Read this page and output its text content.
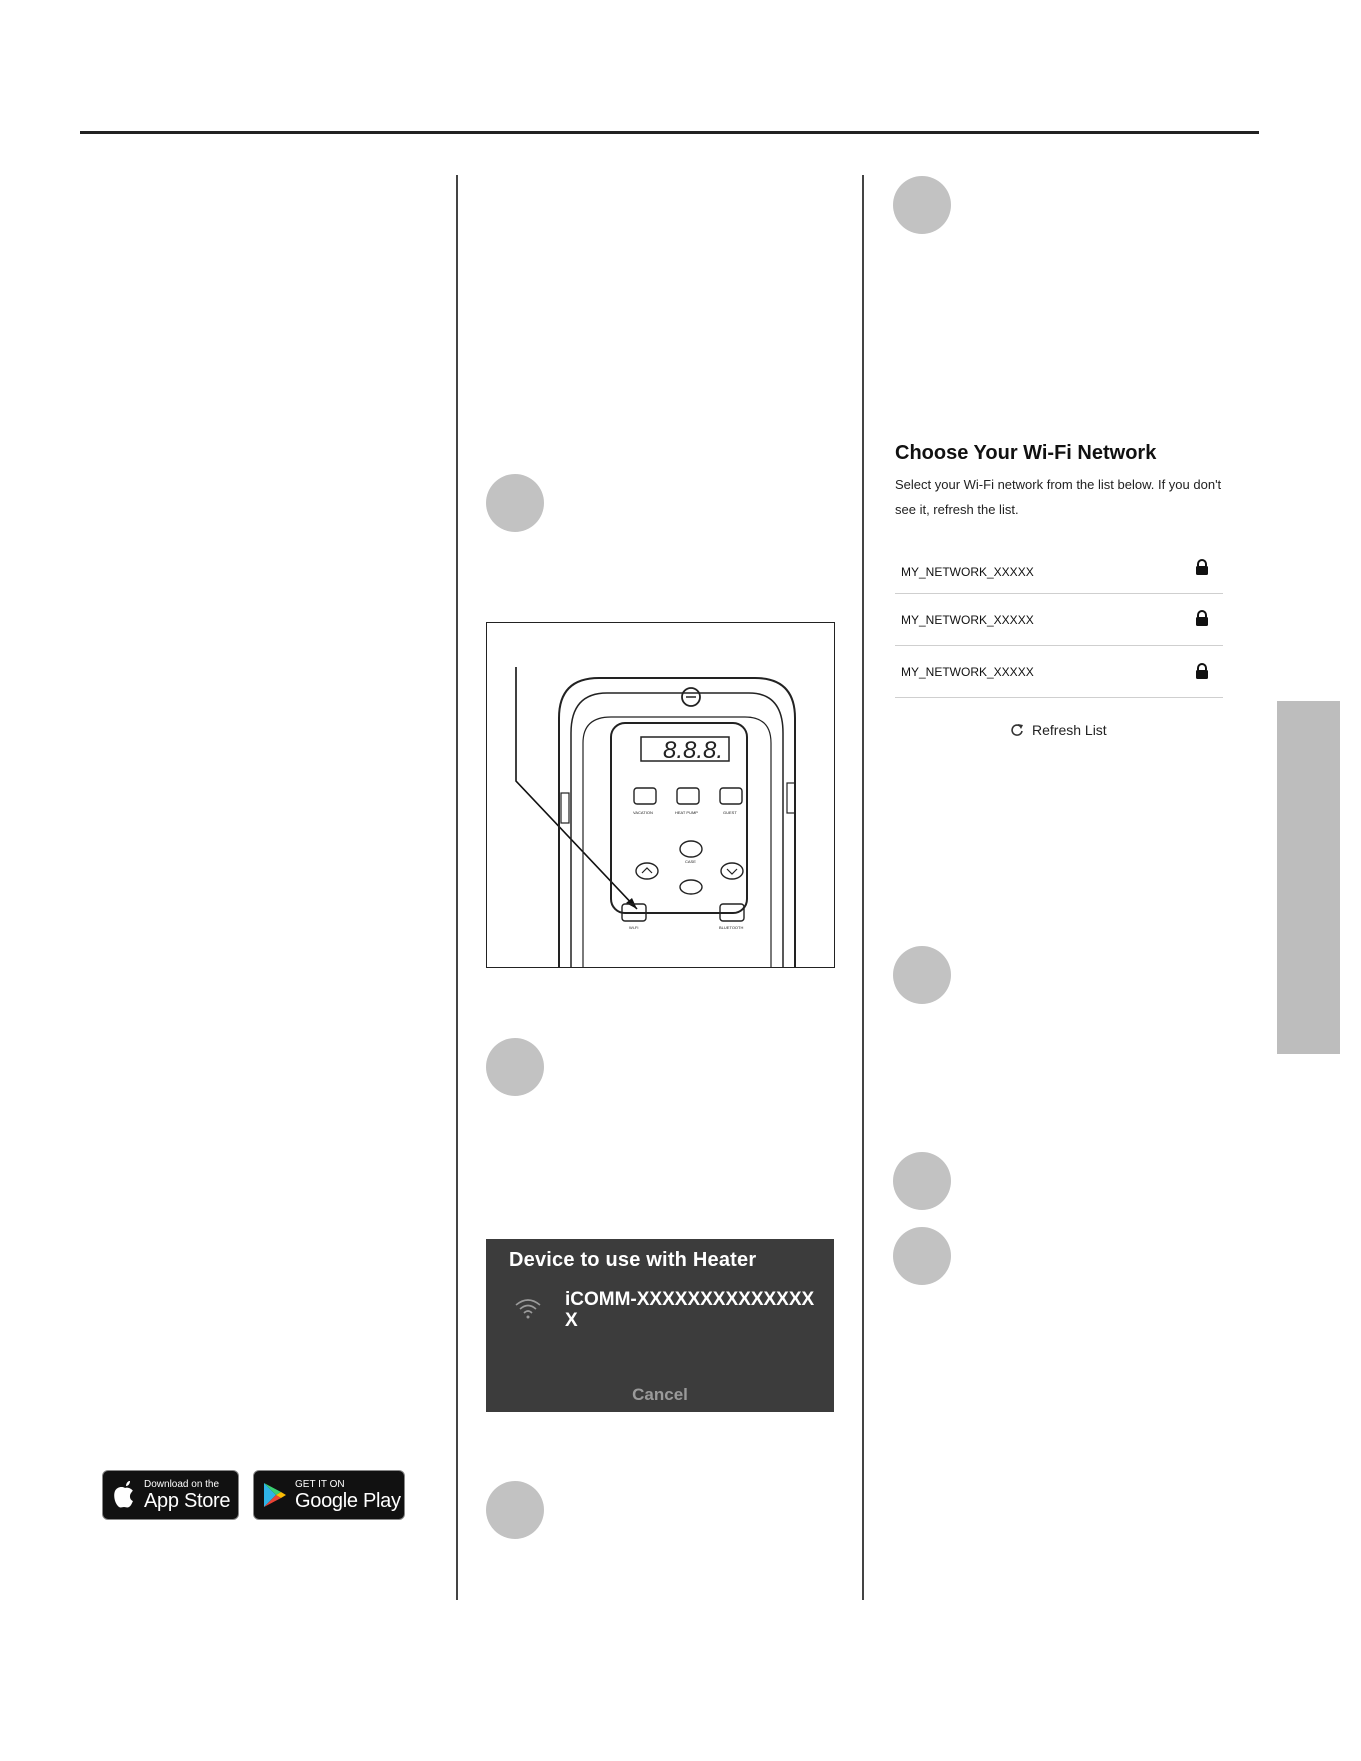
Download on the
App Store
GET IT ON
Google Play
8.8.8.
VACATION	HEAT PUMP	GUEST
CASE
Wi-Fi	BLUETOOTH
Device to use with Heater
iCOMM-XXXXXXXXXXXXXXX
Cancel
Choose Your Wi-Fi Network
Select your Wi-Fi network from the list below. If you don't see it, refresh the list.
MY_NETWORK_XXXXX
MY_NETWORK_XXXXX
MY_NETWORK_XXXXX
Refresh List
